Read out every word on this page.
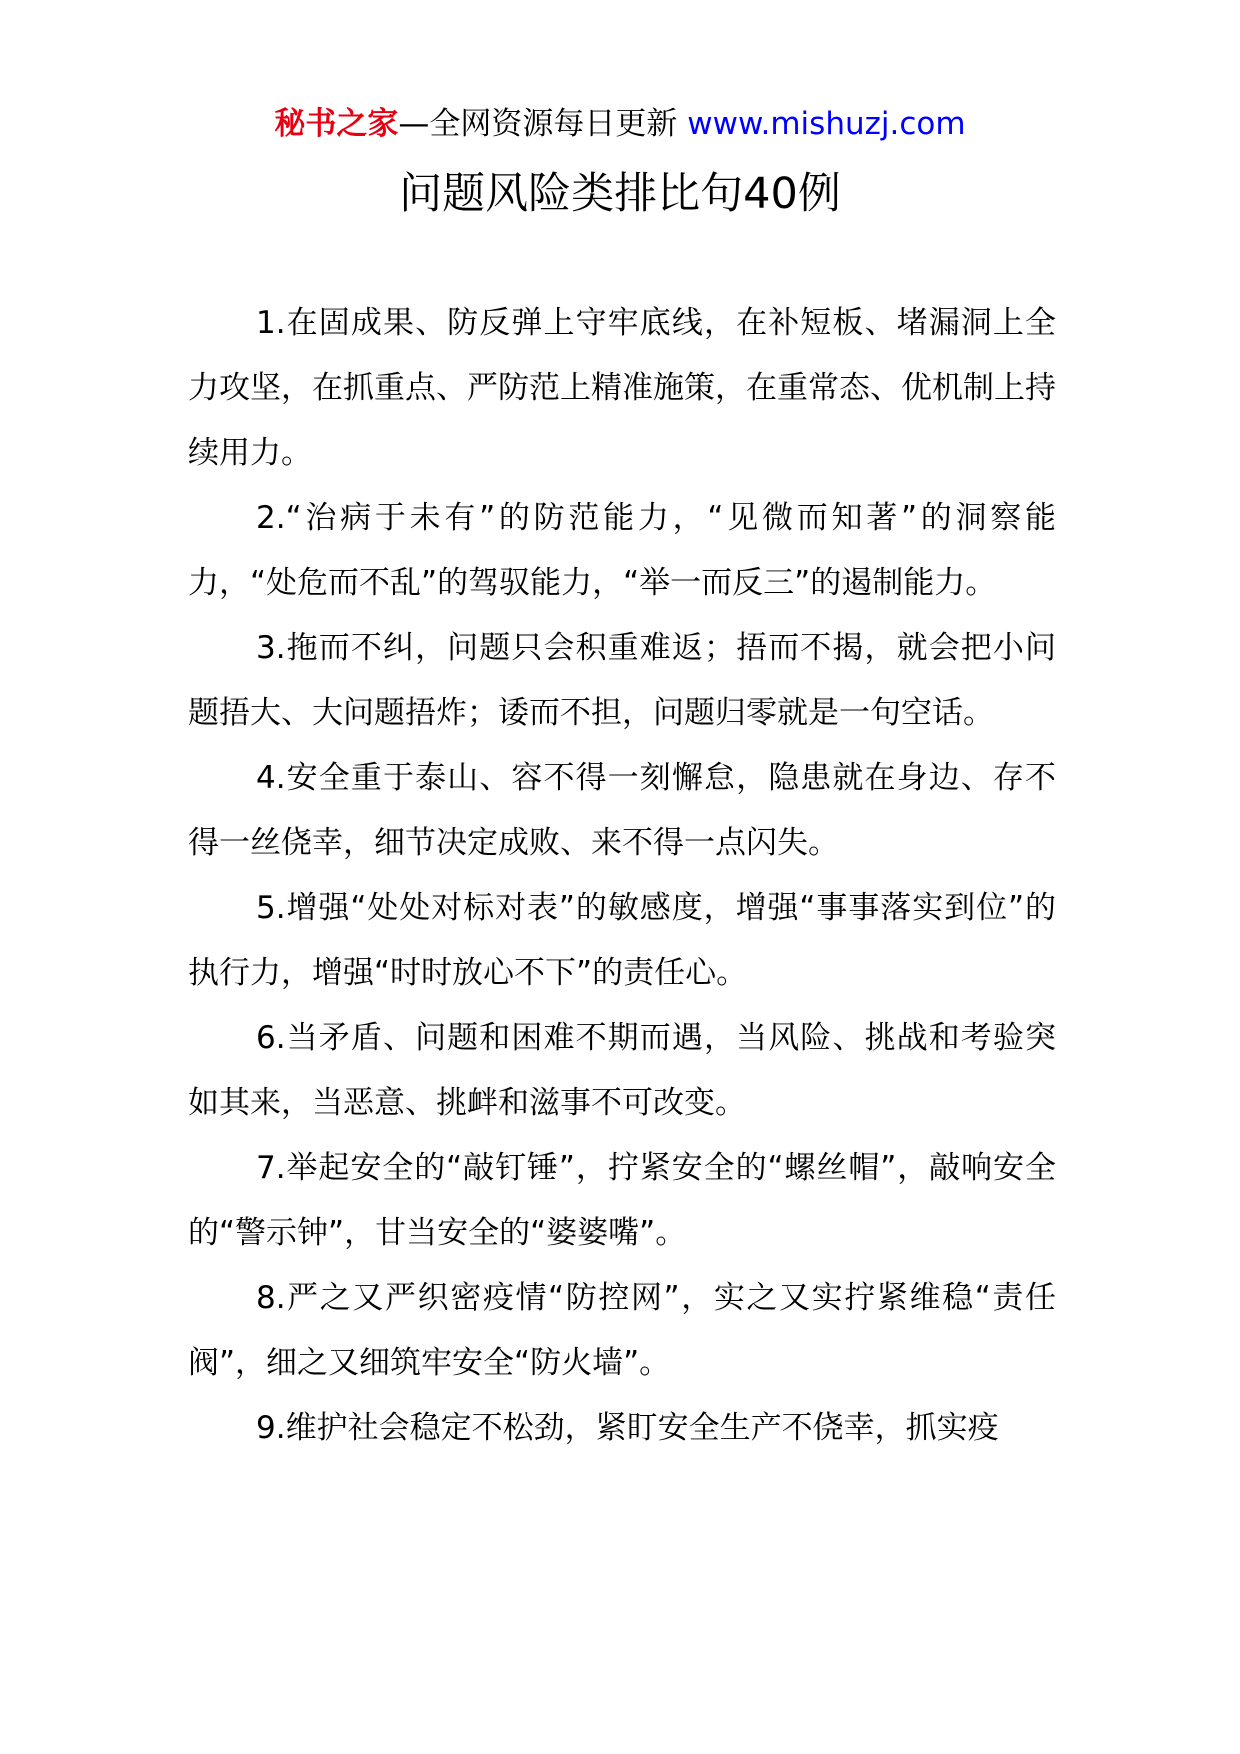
秘书之家—全网资源每日更新 www.mishuzj.com
问题风险类排比句40例

1.在固成果、防反弹上守牢底线，在补短板、堵漏洞上全力攻坚，在抓重点、严防范上精准施策，在重常态、优机制上持续用力。

2.“治病于未有”的防范能力，“见微而知著”的洞察能力，“处危而不乱”的驾驭能力，“举一而反三”的遏制能力。

3.拖而不纠，问题只会积重难返；捂而不揭，就会把小问题捂大、大问题捂炸；诿而不担，问题归零就是一句空话。

4.安全重于泰山、容不得一刻懈怠，隐患就在身边、存不得一丝侥幸，细节决定成败、来不得一点闪失。

5.增强“处处对标对表”的敏感度，增强“事事落实到位”的执行力，增强“时时放心不下”的责任心。

6.当矛盾、问题和困难不期而遇，当风险、挑战和考验突如其来，当恶意、挑衅和滋事不可改变。

7.举起安全的“敲钉锤”，拧紧安全的“螺丝帽”，敲响安全的“警示钟”，甘当安全的“婆婆嘴”。

8.严之又严织密疫情“防控网”，实之又实拧紧维稳“责任阀”，细之又细筑牢安全“防火墙”。

9.维护社会稳定不松劲，紧盯安全生产不侥幸，抓实疫
